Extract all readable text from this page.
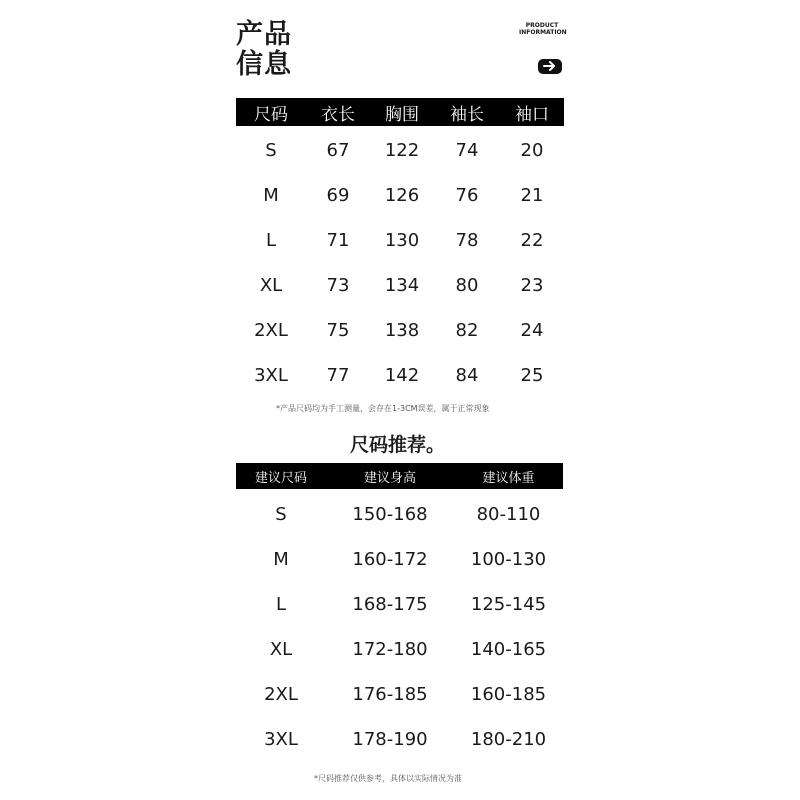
产品
信息
PRODUCT
INFORMATION
尺码	衣长	胸围	袖长	袖口
S	67	122	74	20
M	69	126	76	21
L	71	130	78	22
XL	73	134	80	23
2XL	75	138	82	24
3XL	77	142	84	25
*产品尺码均为手工测量，会存在1-3CM误差，属于正常现象
尺码推荐。
建议尺码	建议身高	建议体重
S	150-168	80-110
M	160-172	100-130
L	168-175	125-145
XL	172-180	140-165
2XL	176-185	160-185
3XL	178-190	180-210
*尺码推荐仅供参考，具体以实际情况为准
